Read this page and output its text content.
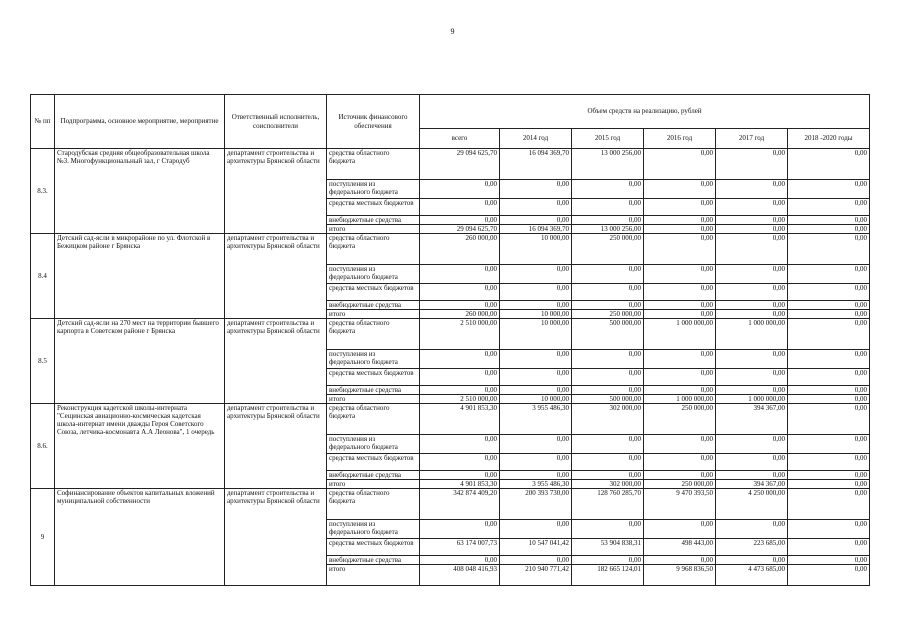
9
№ пп	Подпрограмма, основное мероприятие, мероприятие	Ответственный исполнитель, соисполнители	Источник финансового обеспечения	Объем средств на реализацию, рублей					
				всего	2014 год	2015 год	2016 год	2017 год	2018 -2020 годы
8.3.	Стародубская средняя общеобразовательная школа №3. Многофункциональный зал, г Стародуб	департамент строительства и архитектуры Брянской области	средства областного бюджета	29 094 625,70	16 094 369,70	13 000 256,00	0,00	0,00	0,00
			поступления из федерального бюджета	0,00	0,00	0,00	0,00	0,00	0,00
			средства местных бюджетов	0,00	0,00	0,00	0,00	0,00	0,00
			внебюджетные средства	0,00	0,00	0,00	0,00	0,00	0,00
			итого	29 094 625,70	16 094 369,70	13 000 256,00	0,00	0,00	0,00
8.4	Детский сад-ясли в микрорайоне по ул. Флотской в Бежицком районе г Брянска	департамент строительства и архитектуры Брянской области	средства областного бюджета	260 000,00	10 000,00	250 000,00	0,00	0,00	0,00
			поступления из федерального бюджета	0,00	0,00	0,00	0,00	0,00	0,00
			средства местных бюджетов	0,00	0,00	0,00	0,00	0,00	0,00
			внебюджетные средства	0,00	0,00	0,00	0,00	0,00	0,00
			итого	260 000,00	10 000,00	250 000,00	0,00	0,00	0,00
8.5	Детский сад-ясли на 270 мест на территории бывшего карпорта в Советском районе г Брянска	департамент строительства и архитектуры Брянской области	средства областного бюджета	2 510 000,00	10 000,00	500 000,00	1 000 000,00	1 000 000,00	0,00
			поступления из федерального бюджета	0,00	0,00	0,00	0,00	0,00	0,00
			средства местных бюджетов	0,00	0,00	0,00	0,00	0,00	0,00
			внебюджетные средства	0,00	0,00	0,00	0,00	0,00	0,00
			итого	2 510 000,00	10 000,00	500 000,00	1 000 000,00	1 000 000,00	0,00
8.6.	Реконструкция кадетской школы-интерната "Сещинская авиационно-космическая кадетская школа-интернат имени дважды Героя Советского Союза, летчика-космонавта А.А Леонова", 1 очередь	департамент строительства и архитектуры Брянской области	средства областного бюджета	4 901 853,30	3 955 486,30	302 000,00	250 000,00	394 367,00	0,00
			поступления из федерального бюджета	0,00	0,00	0,00	0,00	0,00	0,00
			средства местных бюджетов	0,00	0,00	0,00	0,00	0,00	0,00
			внебюджетные средства	0,00	0,00	0,00	0,00	0,00	0,00
			итого	4 901 853,30	3 955 486,30	302 000,00	250 000,00	394 367,00	0,00
9	Софинансирование объектов капитальных вложений муниципальной собственности	департамент строительства и архитектуры Брянской области	средства областного бюджета	342 874 409,20	200 393 730,00	128 760 285,70	9 470 393,50	4 250 000,00	0,00
			поступления из федерального бюджета	0,00	0,00	0,00	0,00	0,00	0,00
			средства местных бюджетов	63 174 007,73	10 547 041,42	53 904 838,31	498 443,00	223 685,00	0,00
			внебюджетные средства	0,00	0,00	0,00	0,00	0,00	0,00
			итого	408 048 416,93	210 940 771,42	182 665 124,01	9 968 836,50	4 473 685,00	0,00
